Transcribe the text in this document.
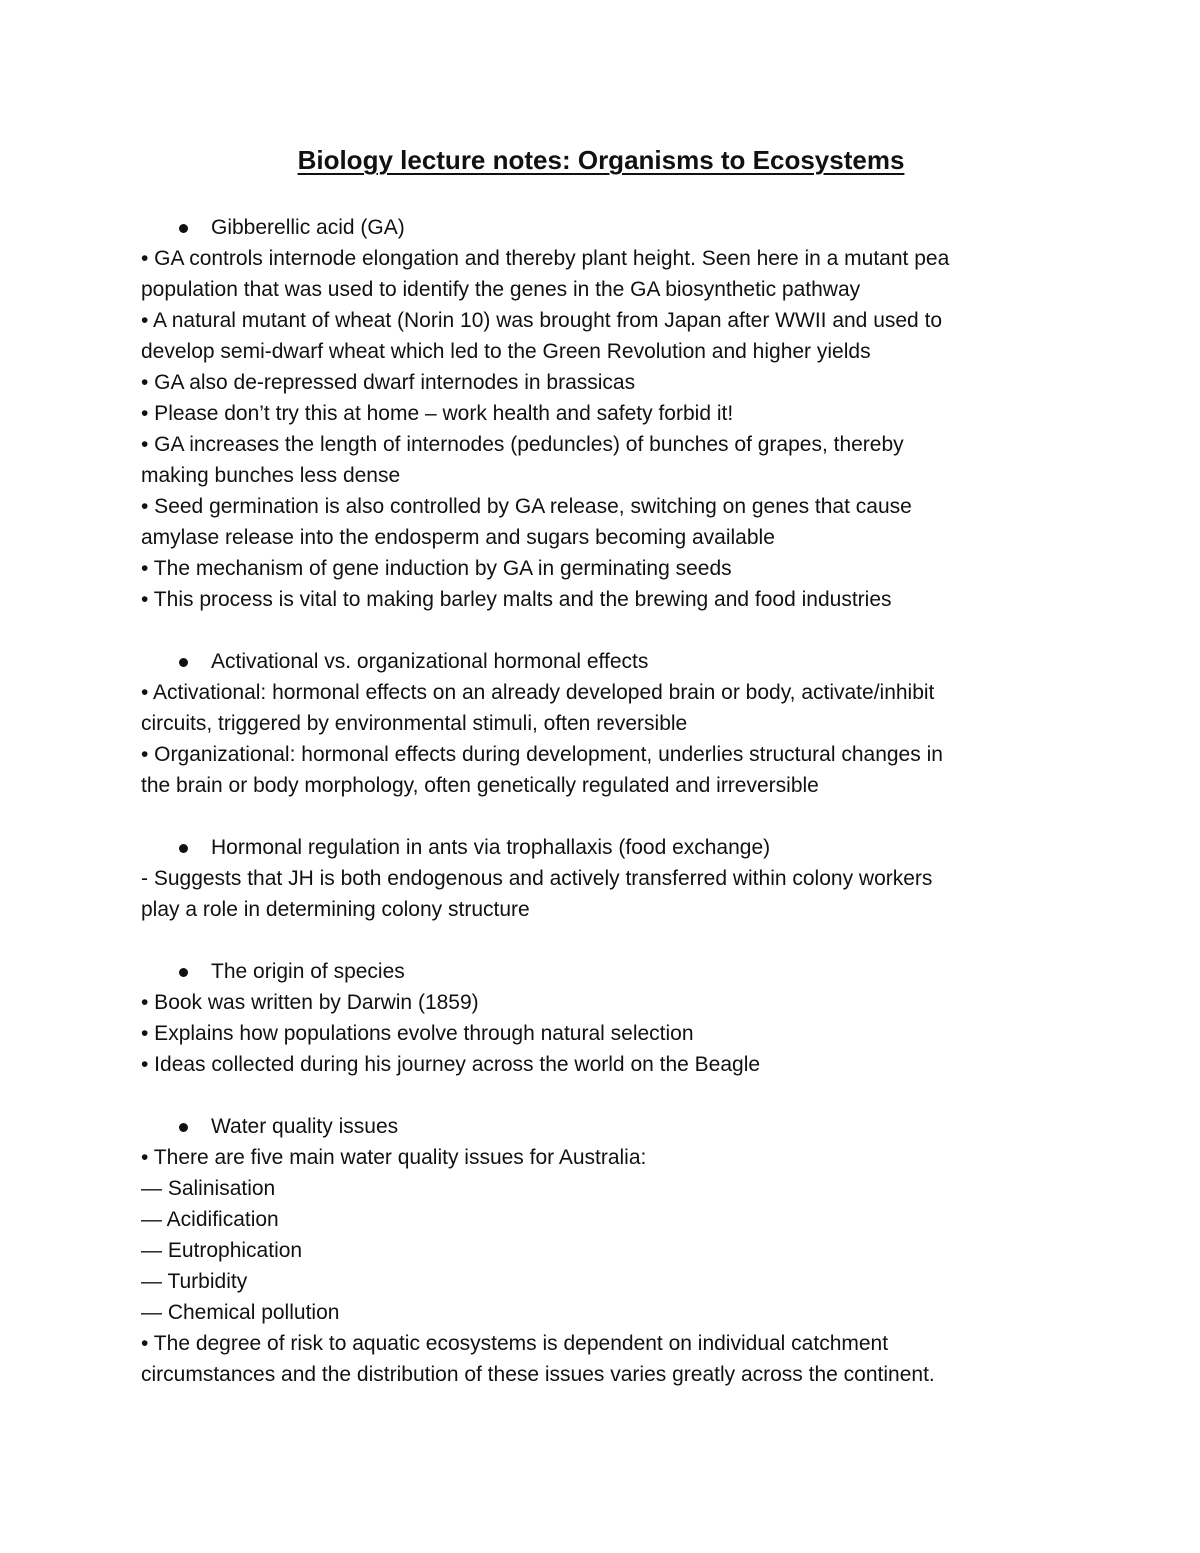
Biology lecture notes: Organisms to Ecosystems

Gibberellic acid (GA)

• GA controls internode elongation and thereby plant height. Seen here in a mutant pea

population that was used to identify the genes in the GA biosynthetic pathway

• A natural mutant of wheat (Norin 10) was brought from Japan after WWII and used to

develop semi-dwarf wheat which led to the Green Revolution and higher yields

• GA also de-repressed dwarf internodes in brassicas

• Please don’t try this at home – work health and safety forbid it!

• GA increases the length of internodes (peduncles) of bunches of grapes, thereby

making bunches less dense

• Seed germination is also controlled by GA release, switching on genes that cause

amylase release into the endosperm and sugars becoming available

• The mechanism of gene induction by GA in germinating seeds

• This process is vital to making barley malts and the brewing and food industries

Activational vs. organizational hormonal effects

• Activational: hormonal effects on an already developed brain or body, activate/inhibit

circuits, triggered by environmental stimuli, often reversible

• Organizational: hormonal effects during development, underlies structural changes in

the brain or body morphology, often genetically regulated and irreversible

Hormonal regulation in ants via trophallaxis (food exchange)

- Suggests that JH is both endogenous and actively transferred within colony workers

play a role in determining colony structure

The origin of species

• Book was written by Darwin (1859)

• Explains how populations evolve through natural selection

• Ideas collected during his journey across the world on the Beagle

Water quality issues

• There are five main water quality issues for Australia:

— Salinisation

— Acidification

— Eutrophication

— Turbidity

— Chemical pollution

• The degree of risk to aquatic ecosystems is dependent on individual catchment

circumstances and the distribution of these issues varies greatly across the continent.
